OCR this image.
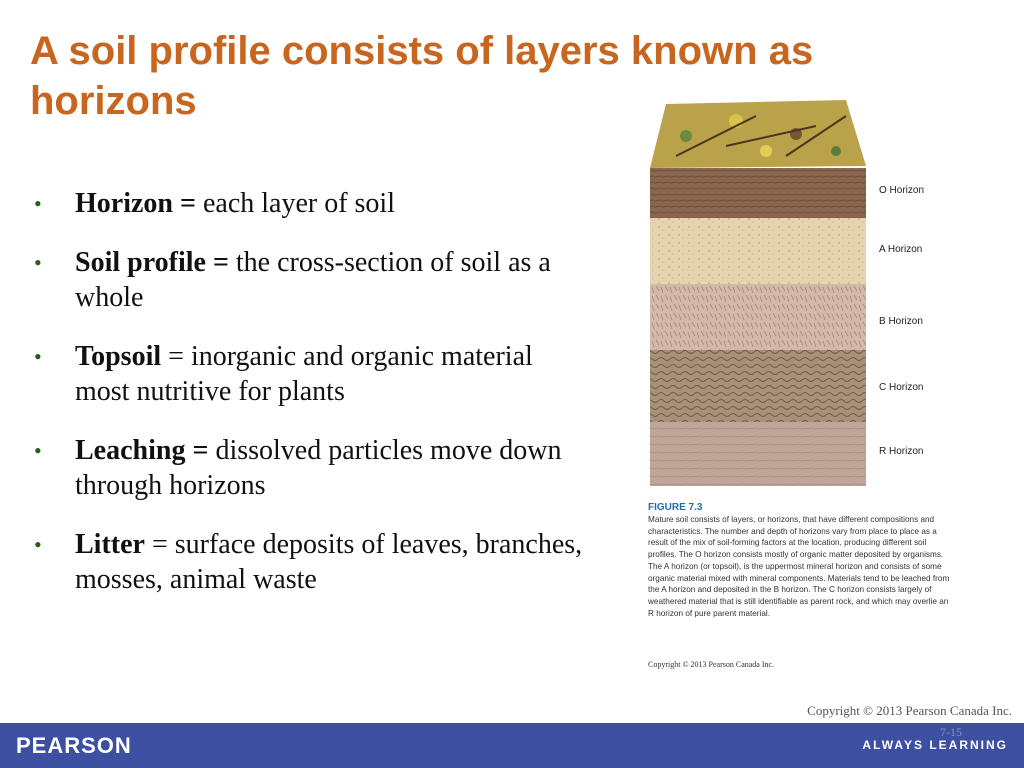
A soil profile consists of layers known as horizons
• Horizon = each layer of soil
• Soil profile = the cross-section of soil as a whole
• Topsoil = inorganic and organic material most nutritive for plants
• Leaching = dissolved particles move down through horizons
• Litter = surface deposits of leaves, branches, mosses, animal waste
O Horizon
A Horizon
B Horizon
C Horizon
R Horizon
FIGURE 7.3
Mature soil consists of layers, or horizons, that have different compositions and characteristics. The number and depth of horizons vary from place to place as a result of the mix of soil-forming factors at the location, producing different soil profiles. The O horizon consists mostly of organic matter deposited by organisms. The A horizon (or topsoil), is the uppermost mineral horizon and consists of some organic material mixed with mineral components. Materials tend to be leached from the A horizon and deposited in the B horizon. The C horizon consists largely of weathered material that is still identifiable as parent rock, and which may overlie an R horizon of pure parent material.
Copyright © 2013 Pearson Canada Inc.
Copyright © 2013 Pearson Canada Inc.
7-15
PEARSON	ALWAYS LEARNING
